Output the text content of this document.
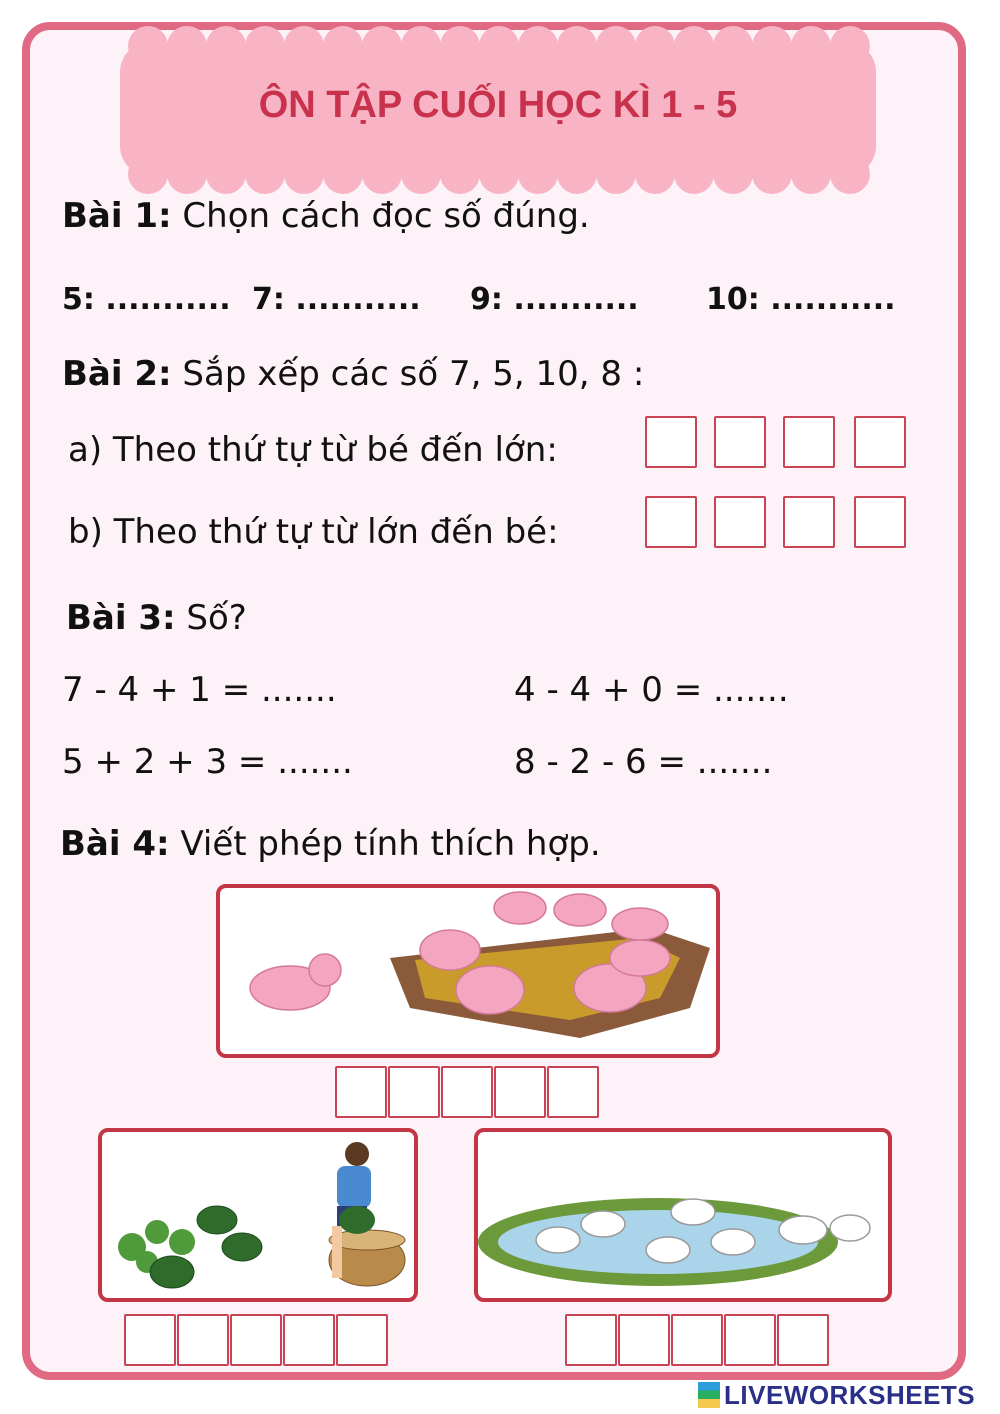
ÔN TẬP CUỐI HỌC KÌ 1 - 5
Bài 1: Chọn cách đọc số đúng.
5: ........... 7: ........... 9: ........... 10: ...........
Bài 2: Sắp xếp các số 7, 5, 10, 8 :
a) Theo thứ tự từ bé đến lớn:
b) Theo thứ tự từ lớn đến bé:
Bài 3: Số?
7 - 4 + 1 = .......	4 - 4 + 0 = .......
5 + 2 + 3 = .......	8 - 2 - 6 = .......
Bài 4: Viết phép tính thích hợp.
LIVEWORKSHEETS
